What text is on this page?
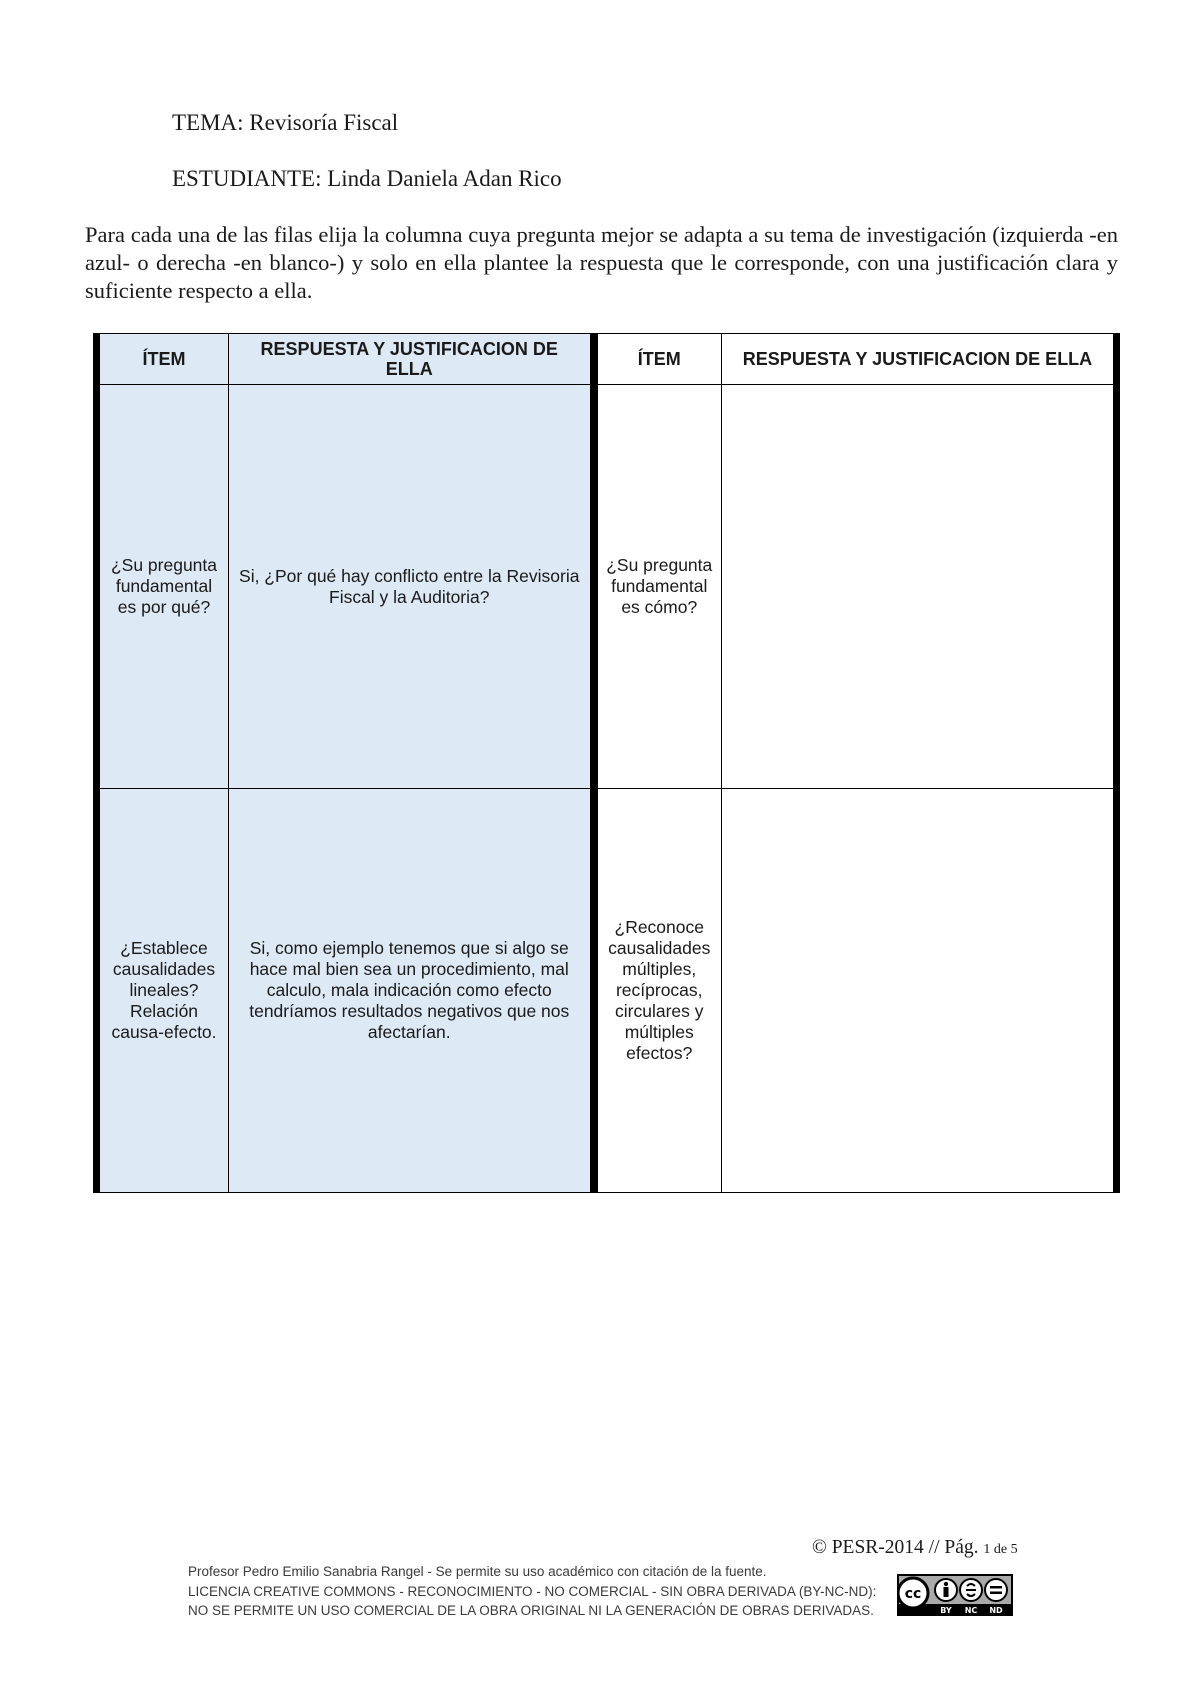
TEMA: Revisoría Fiscal
ESTUDIANTE: Linda Daniela Adan Rico

Para cada una de las filas elija la columna cuya pregunta mejor se adapta a su tema de investigación (izquierda -en azul- o derecha -en blanco-) y solo en ella plantee la respuesta que le corresponde, con una justificación clara y suficiente respecto a ella.

ÍTEM	RESPUESTA Y JUSTIFICACION DE ELLA	ÍTEM	RESPUESTA Y JUSTIFICACION DE ELLA
¿Su pregunta fundamental es por qué?	Si, ¿Por qué hay conflicto entre la Revisoria Fiscal y la Auditoria?	¿Su pregunta fundamental es cómo?	
¿Establece causalidades lineales? Relación causa-efecto.	Si, como ejemplo tenemos que si algo se hace mal bien sea un procedimiento, mal calculo, mala indicación como efecto tendríamos resultados negativos que nos afectarían.	¿Reconoce causalidades múltiples, recíprocas, circulares y múltiples efectos?	
© PESR-2014 // Pág. 1 de 5
Profesor Pedro Emilio Sanabria Rangel - Se permite su uso académico con citación de la fuente.
LICENCIA CREATIVE COMMONS - RECONOCIMIENTO - NO COMERCIAL - SIN OBRA DERIVADA (BY-NC-ND):
NO SE PERMITE UN USO COMERCIAL DE LA OBRA ORIGINAL NI LA GENERACIÓN DE OBRAS DERIVADAS.
cc
BY NC ND
